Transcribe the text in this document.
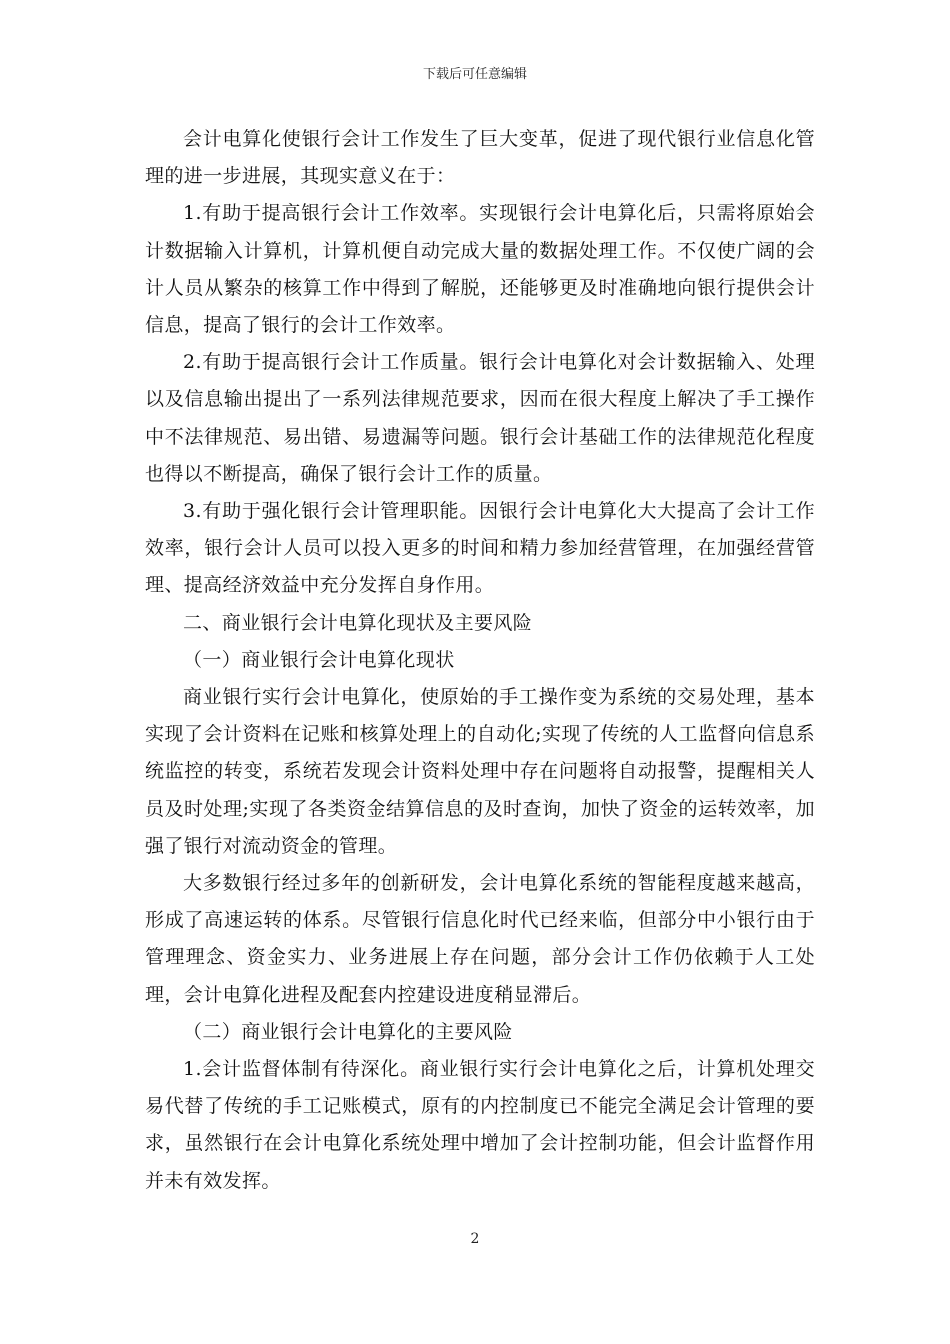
下载后可任意编辑

会计电算化使银行会计工作发生了巨大变革，促进了现代银行业信息化管理的进一步进展，其现实意义在于：

1.有助于提高银行会计工作效率。实现银行会计电算化后，只需将原始会计数据输入计算机，计算机便自动完成大量的数据处理工作。不仅使广阔的会计人员从繁杂的核算工作中得到了解脱，还能够更及时准确地向银行提供会计信息，提高了银行的会计工作效率。

2.有助于提高银行会计工作质量。银行会计电算化对会计数据输入、处理以及信息输出提出了一系列法律规范要求，因而在很大程度上解决了手工操作中不法律规范、易出错、易遗漏等问题。银行会计基础工作的法律规范化程度也得以不断提高，确保了银行会计工作的质量。

3.有助于强化银行会计管理职能。因银行会计电算化大大提高了会计工作效率，银行会计人员可以投入更多的时间和精力参加经营管理，在加强经营管理、提高经济效益中充分发挥自身作用。

二、商业银行会计电算化现状及主要风险

（一）商业银行会计电算化现状

商业银行实行会计电算化，使原始的手工操作变为系统的交易处理，基本实现了会计资料在记账和核算处理上的自动化;实现了传统的人工监督向信息系统监控的转变，系统若发现会计资料处理中存在问题将自动报警，提醒相关人员及时处理;实现了各类资金结算信息的及时查询，加快了资金的运转效率，加强了银行对流动资金的管理。

大多数银行经过多年的创新研发，会计电算化系统的智能程度越来越高，形成了高速运转的体系。尽管银行信息化时代已经来临，但部分中小银行由于管理理念、资金实力、业务进展上存在问题，部分会计工作仍依赖于人工处理，会计电算化进程及配套内控建设进度稍显滞后。

（二）商业银行会计电算化的主要风险

1.会计监督体制有待深化。商业银行实行会计电算化之后，计算机处理交易代替了传统的手工记账模式，原有的内控制度已不能完全满足会计管理的要求，虽然银行在会计电算化系统处理中增加了会计控制功能，但会计监督作用并未有效发挥。

2
